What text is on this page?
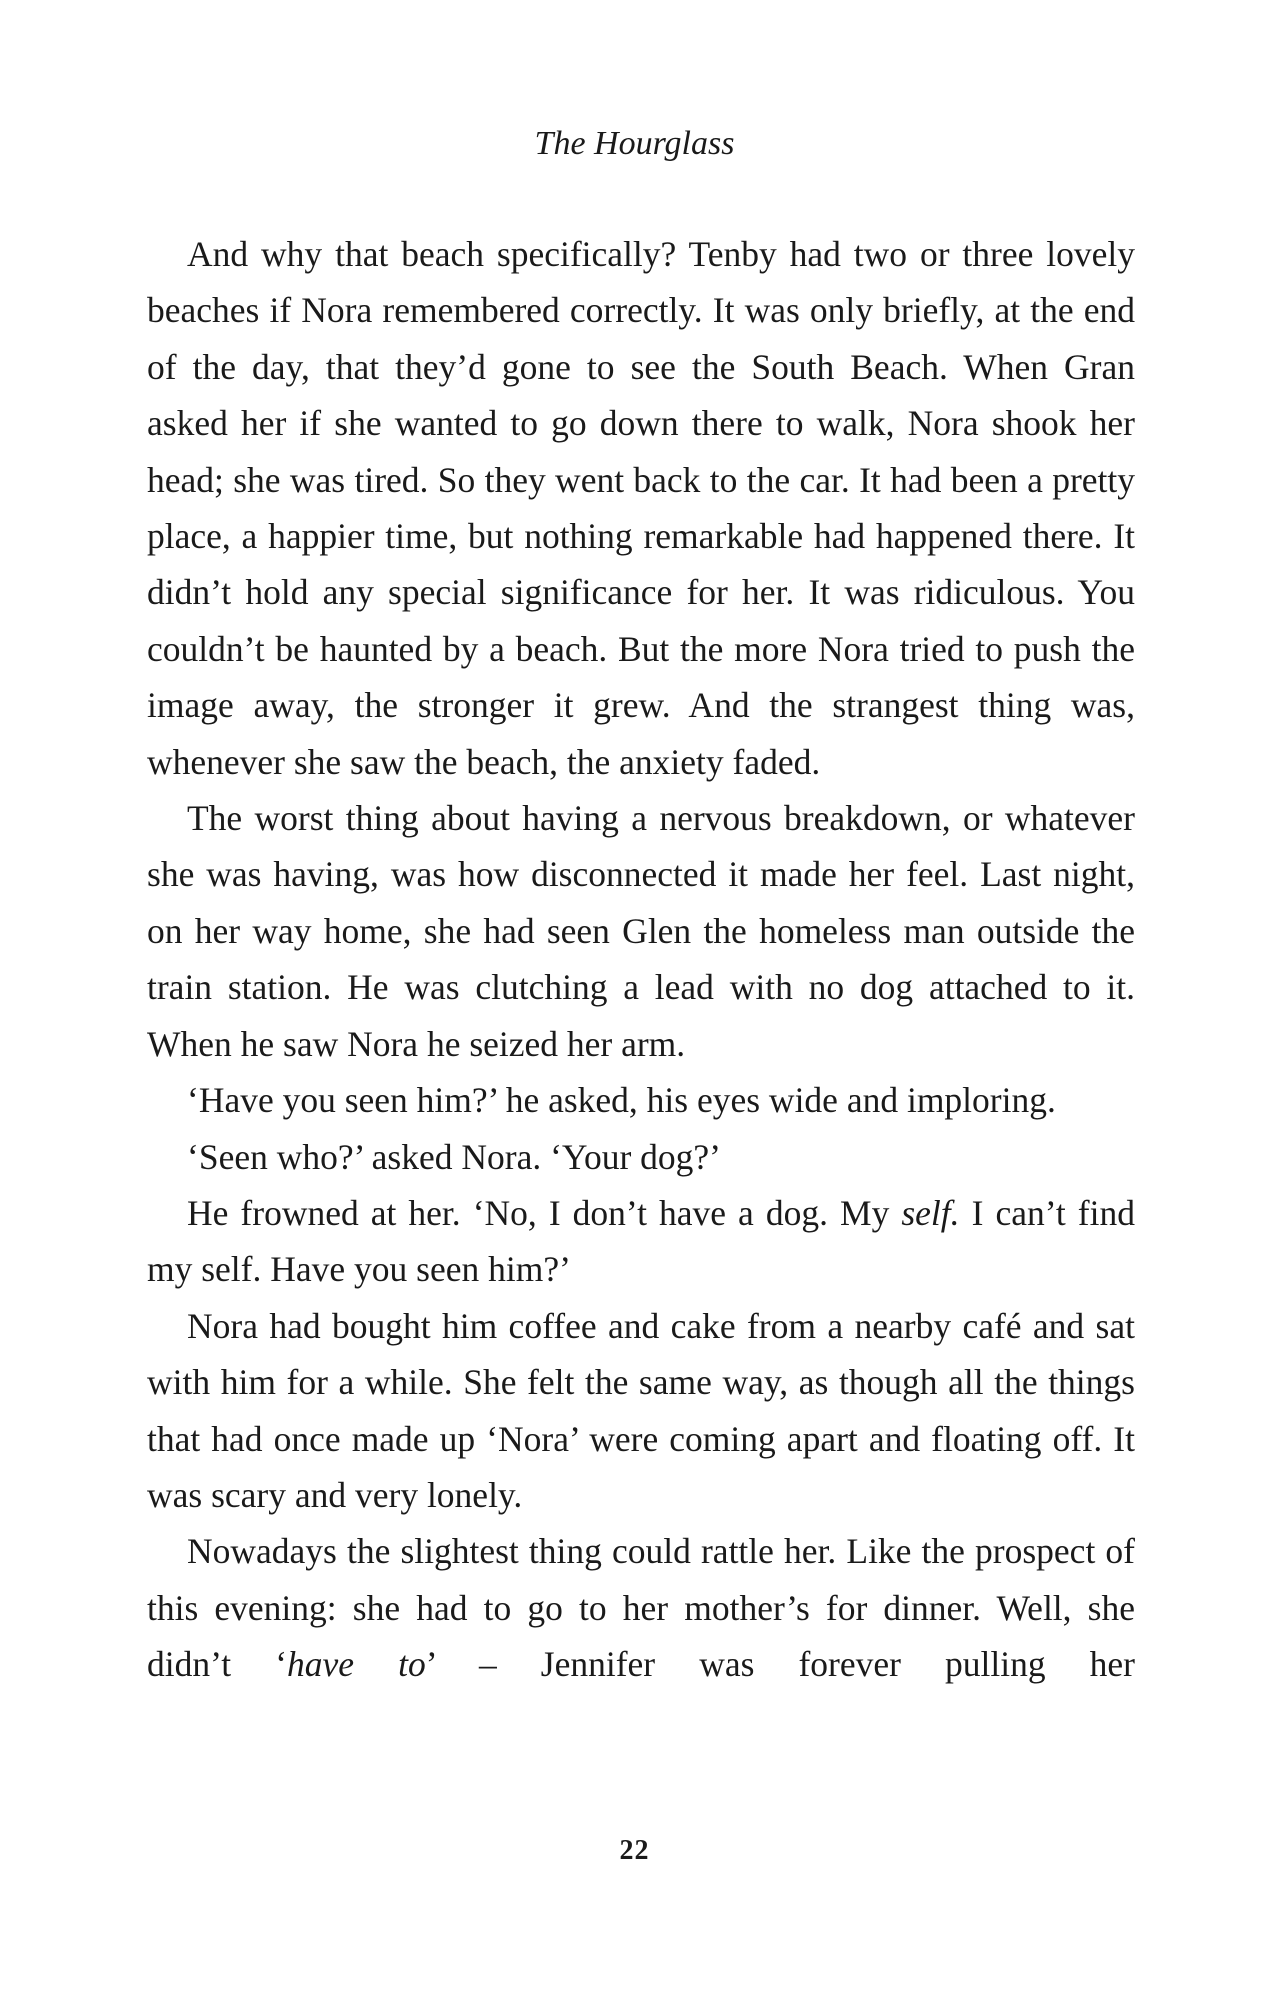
The Hourglass

And why that beach specifically? Tenby had two or three lovely beaches if Nora remembered correctly. It was only briefly, at the end of the day, that they’d gone to see the South Beach. When Gran asked her if she wanted to go down there to walk, Nora shook her head; she was tired. So they went back to the car. It had been a pretty place, a happier time, but nothing remarkable had happened there. It didn’t hold any special significance for her. It was ridiculous. You couldn’t be haunted by a beach. But the more Nora tried to push the image away, the stronger it grew. And the strangest thing was, whenever she saw the beach, the anxiety faded.

The worst thing about having a nervous breakdown, or whatever she was having, was how disconnected it made her feel. Last night, on her way home, she had seen Glen the homeless man outside the train station. He was clutching a lead with no dog attached to it. When he saw Nora he seized her arm.

‘Have you seen him?’ he asked, his eyes wide and imploring.

‘Seen who?’ asked Nora. ‘Your dog?’

He frowned at her. ‘No, I don’t have a dog. My self. I can’t find my self. Have you seen him?’

Nora had bought him coffee and cake from a nearby café and sat with him for a while. She felt the same way, as though all the things that had once made up ‘Nora’ were coming apart and floating off. It was scary and very lonely.

Nowadays the slightest thing could rattle her. Like the prospect of this evening: she had to go to her mother’s for dinner. Well, she didn’t ‘have to’ – Jennifer was forever pulling her

22
